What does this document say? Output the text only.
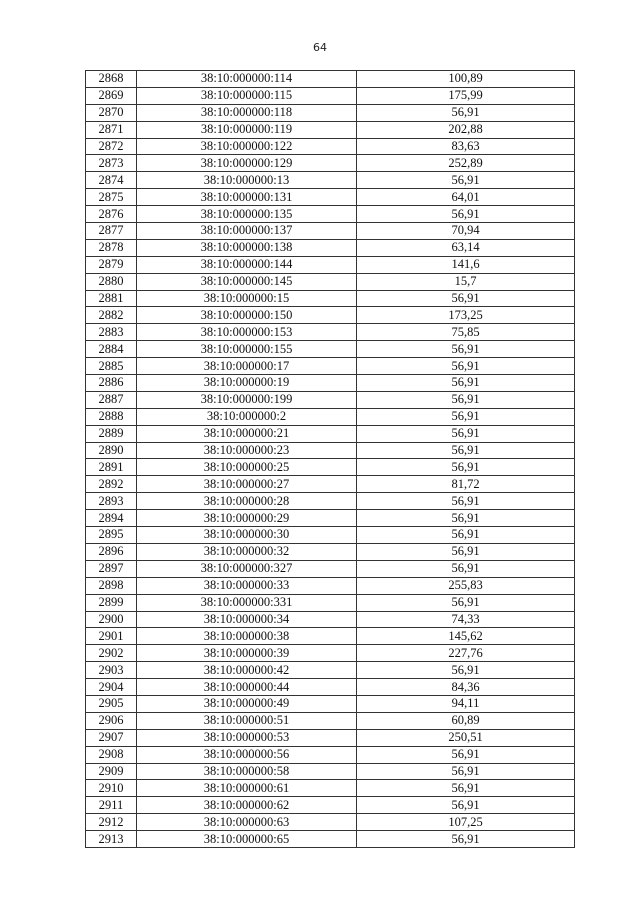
64
2868	38:10:000000:114	100,89
2869	38:10:000000:115	175,99
2870	38:10:000000:118	56,91
2871	38:10:000000:119	202,88
2872	38:10:000000:122	83,63
2873	38:10:000000:129	252,89
2874	38:10:000000:13	56,91
2875	38:10:000000:131	64,01
2876	38:10:000000:135	56,91
2877	38:10:000000:137	70,94
2878	38:10:000000:138	63,14
2879	38:10:000000:144	141,6
2880	38:10:000000:145	15,7
2881	38:10:000000:15	56,91
2882	38:10:000000:150	173,25
2883	38:10:000000:153	75,85
2884	38:10:000000:155	56,91
2885	38:10:000000:17	56,91
2886	38:10:000000:19	56,91
2887	38:10:000000:199	56,91
2888	38:10:000000:2	56,91
2889	38:10:000000:21	56,91
2890	38:10:000000:23	56,91
2891	38:10:000000:25	56,91
2892	38:10:000000:27	81,72
2893	38:10:000000:28	56,91
2894	38:10:000000:29	56,91
2895	38:10:000000:30	56,91
2896	38:10:000000:32	56,91
2897	38:10:000000:327	56,91
2898	38:10:000000:33	255,83
2899	38:10:000000:331	56,91
2900	38:10:000000:34	74,33
2901	38:10:000000:38	145,62
2902	38:10:000000:39	227,76
2903	38:10:000000:42	56,91
2904	38:10:000000:44	84,36
2905	38:10:000000:49	94,11
2906	38:10:000000:51	60,89
2907	38:10:000000:53	250,51
2908	38:10:000000:56	56,91
2909	38:10:000000:58	56,91
2910	38:10:000000:61	56,91
2911	38:10:000000:62	56,91
2912	38:10:000000:63	107,25
2913	38:10:000000:65	56,91
